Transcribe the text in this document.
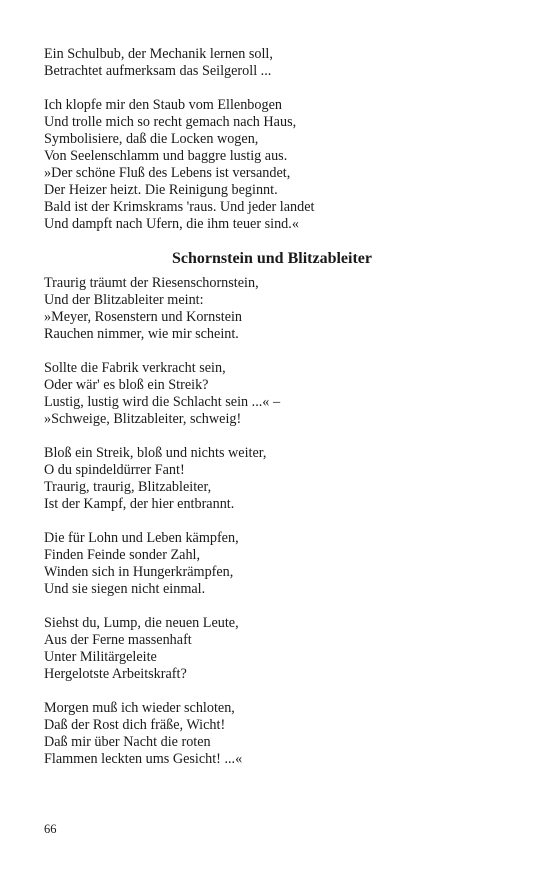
Ein Schulbub, der Mechanik lernen soll,
Betrachtet aufmerksam das Seilgeroll ...
Ich klopfe mir den Staub vom Ellenbogen
Und trolle mich so recht gemach nach Haus,
Symbolisiere, daß die Locken wogen,
Von Seelenschlamm und baggre lustig aus.
»Der schöne Fluß des Lebens ist versandet,
Der Heizer heizt. Die Reinigung beginnt.
Bald ist der Krimskrams 'raus. Und jeder landet
Und dampft nach Ufern, die ihm teuer sind.«
Schornstein und Blitzableiter
Traurig träumt der Riesenschornstein,
Und der Blitzableiter meint:
»Meyer, Rosenstern und Kornstein
Rauchen nimmer, wie mir scheint.
Sollte die Fabrik verkracht sein,
Oder wär' es bloß ein Streik?
Lustig, lustig wird die Schlacht sein ...« –
»Schweige, Blitzableiter, schweig!
Bloß ein Streik, bloß und nichts weiter,
O du spindeldürrer Fant!
Traurig, traurig, Blitzableiter,
Ist der Kampf, der hier entbrannt.
Die für Lohn und Leben kämpfen,
Finden Feinde sonder Zahl,
Winden sich in Hungerkrämpfen,
Und sie siegen nicht einmal.
Siehst du, Lump, die neuen Leute,
Aus der Ferne massenhaft
Unter Militärgeleite
Hergelotste Arbeitskraft?
Morgen muß ich wieder schloten,
Daß der Rost dich fräße, Wicht!
Daß mir über Nacht die roten
Flammen leckten ums Gesicht! ...«
66
